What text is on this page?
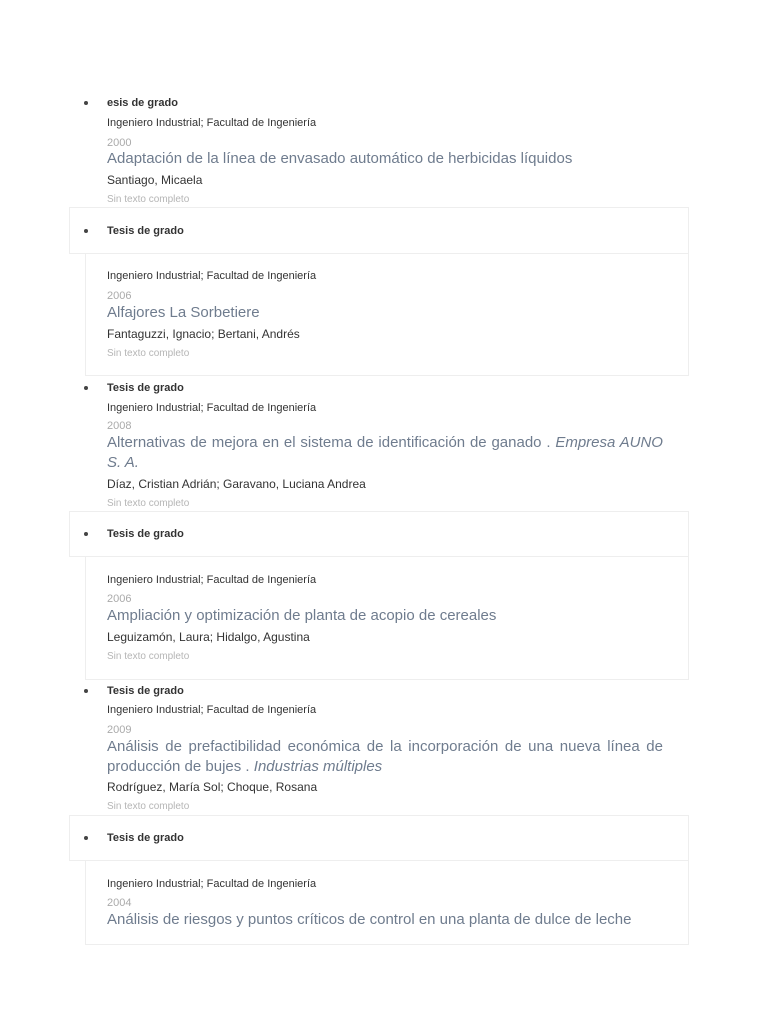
esis de grado
Ingeniero Industrial; Facultad de Ingeniería
2000
Adaptación de la línea de envasado automático de herbicidas líquidos
Santiago, Micaela
Sin texto completo
Tesis de grado
Ingeniero Industrial; Facultad de Ingeniería
2006
Alfajores La Sorbetiere
Fantaguzzi, Ignacio; Bertani, Andrés
Sin texto completo
Tesis de grado
Ingeniero Industrial; Facultad de Ingeniería
2008
Alternativas de mejora en el sistema de identificación de ganado . Empresa AUNO S. A.
Díaz, Cristian Adrián; Garavano, Luciana Andrea
Sin texto completo
Tesis de grado
Ingeniero Industrial; Facultad de Ingeniería
2006
Ampliación y optimización de planta de acopio de cereales
Leguizamón, Laura; Hidalgo, Agustina
Sin texto completo
Tesis de grado
Ingeniero Industrial; Facultad de Ingeniería
2009
Análisis de prefactibilidad económica de la incorporación de una nueva línea de producción de bujes . Industrias múltiples
Rodríguez, María Sol; Choque, Rosana
Sin texto completo
Tesis de grado
Ingeniero Industrial; Facultad de Ingeniería
2004
Análisis de riesgos y puntos críticos de control en una planta de dulce de leche
